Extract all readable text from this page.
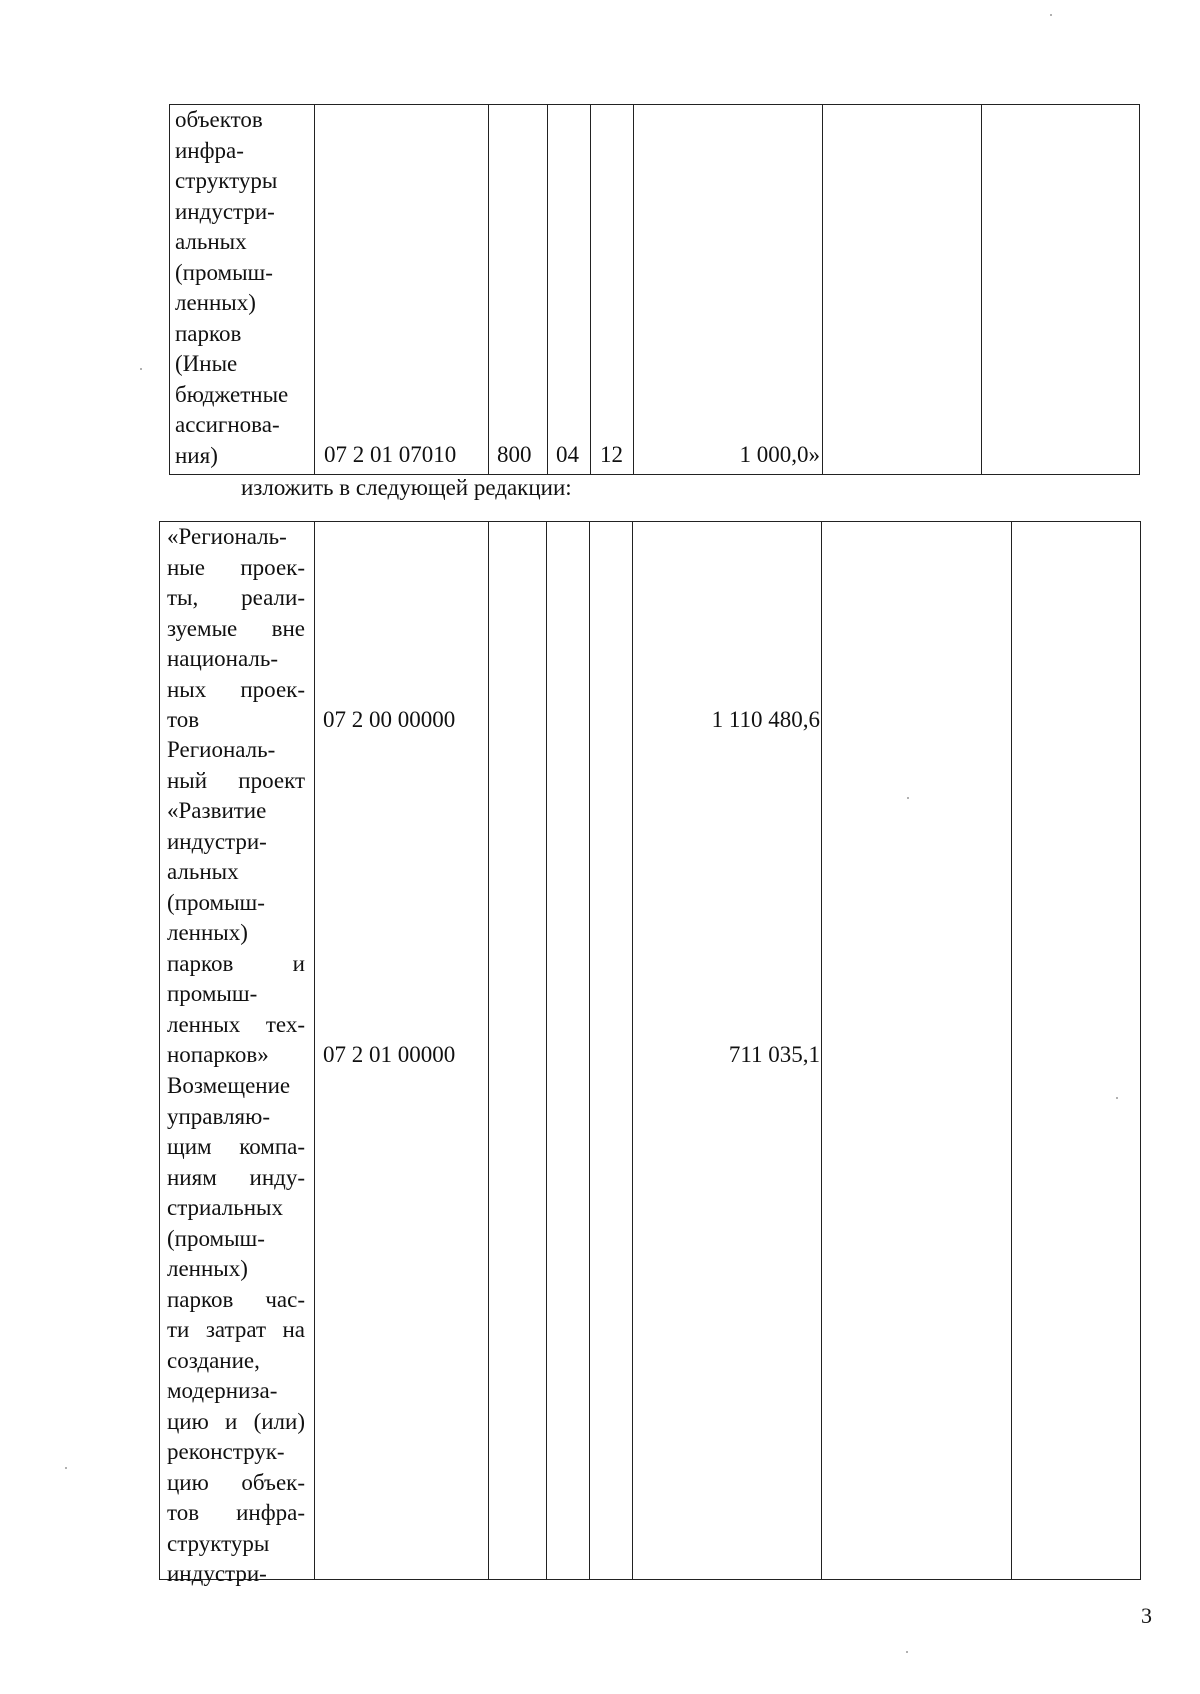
объектов
инфра-
структуры
индустри-
альных
(промыш-
ленных)
парков
(Иные
бюджетные
ассигнова-
ния)	07 2 01 07010 800 04 12	1 000,0»
изложить в следующей редакции:
«Региональ-
ные проек-
ты, реали-
зуемые вне
националь-
ных проек-
тов	07 2 00 00000	1 110 480,6
Региональ-
ный проект
«Развитие
индустри-
альных
(промыш-
ленных)
парков и
промыш-
ленных тех-
нопарков»	07 2 01 00000	711 035,1
Возмещение
управляю-
щим компа-
ниям инду-
стриальных
(промыш-
ленных)
парков час-
ти затрат на
создание,
модерниза-
цию и (или)
реконструк-
цию объек-
тов инфра-
структуры
индустри-
3
